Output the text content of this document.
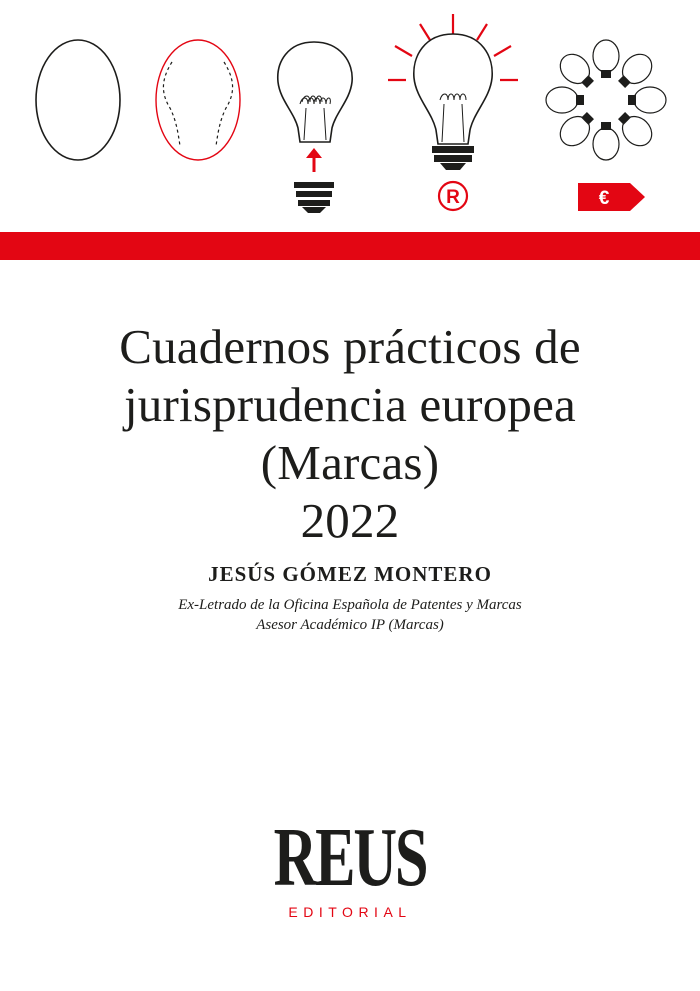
R	€
Cuadernos prácticos de
jurisprudencia europea
(Marcas)
2022
JESÚS GÓMEZ MONTERO
Ex-Letrado de la Oficina Española de Patentes y Marcas
Asesor Académico IP (Marcas)
REUS
EDITORIAL
